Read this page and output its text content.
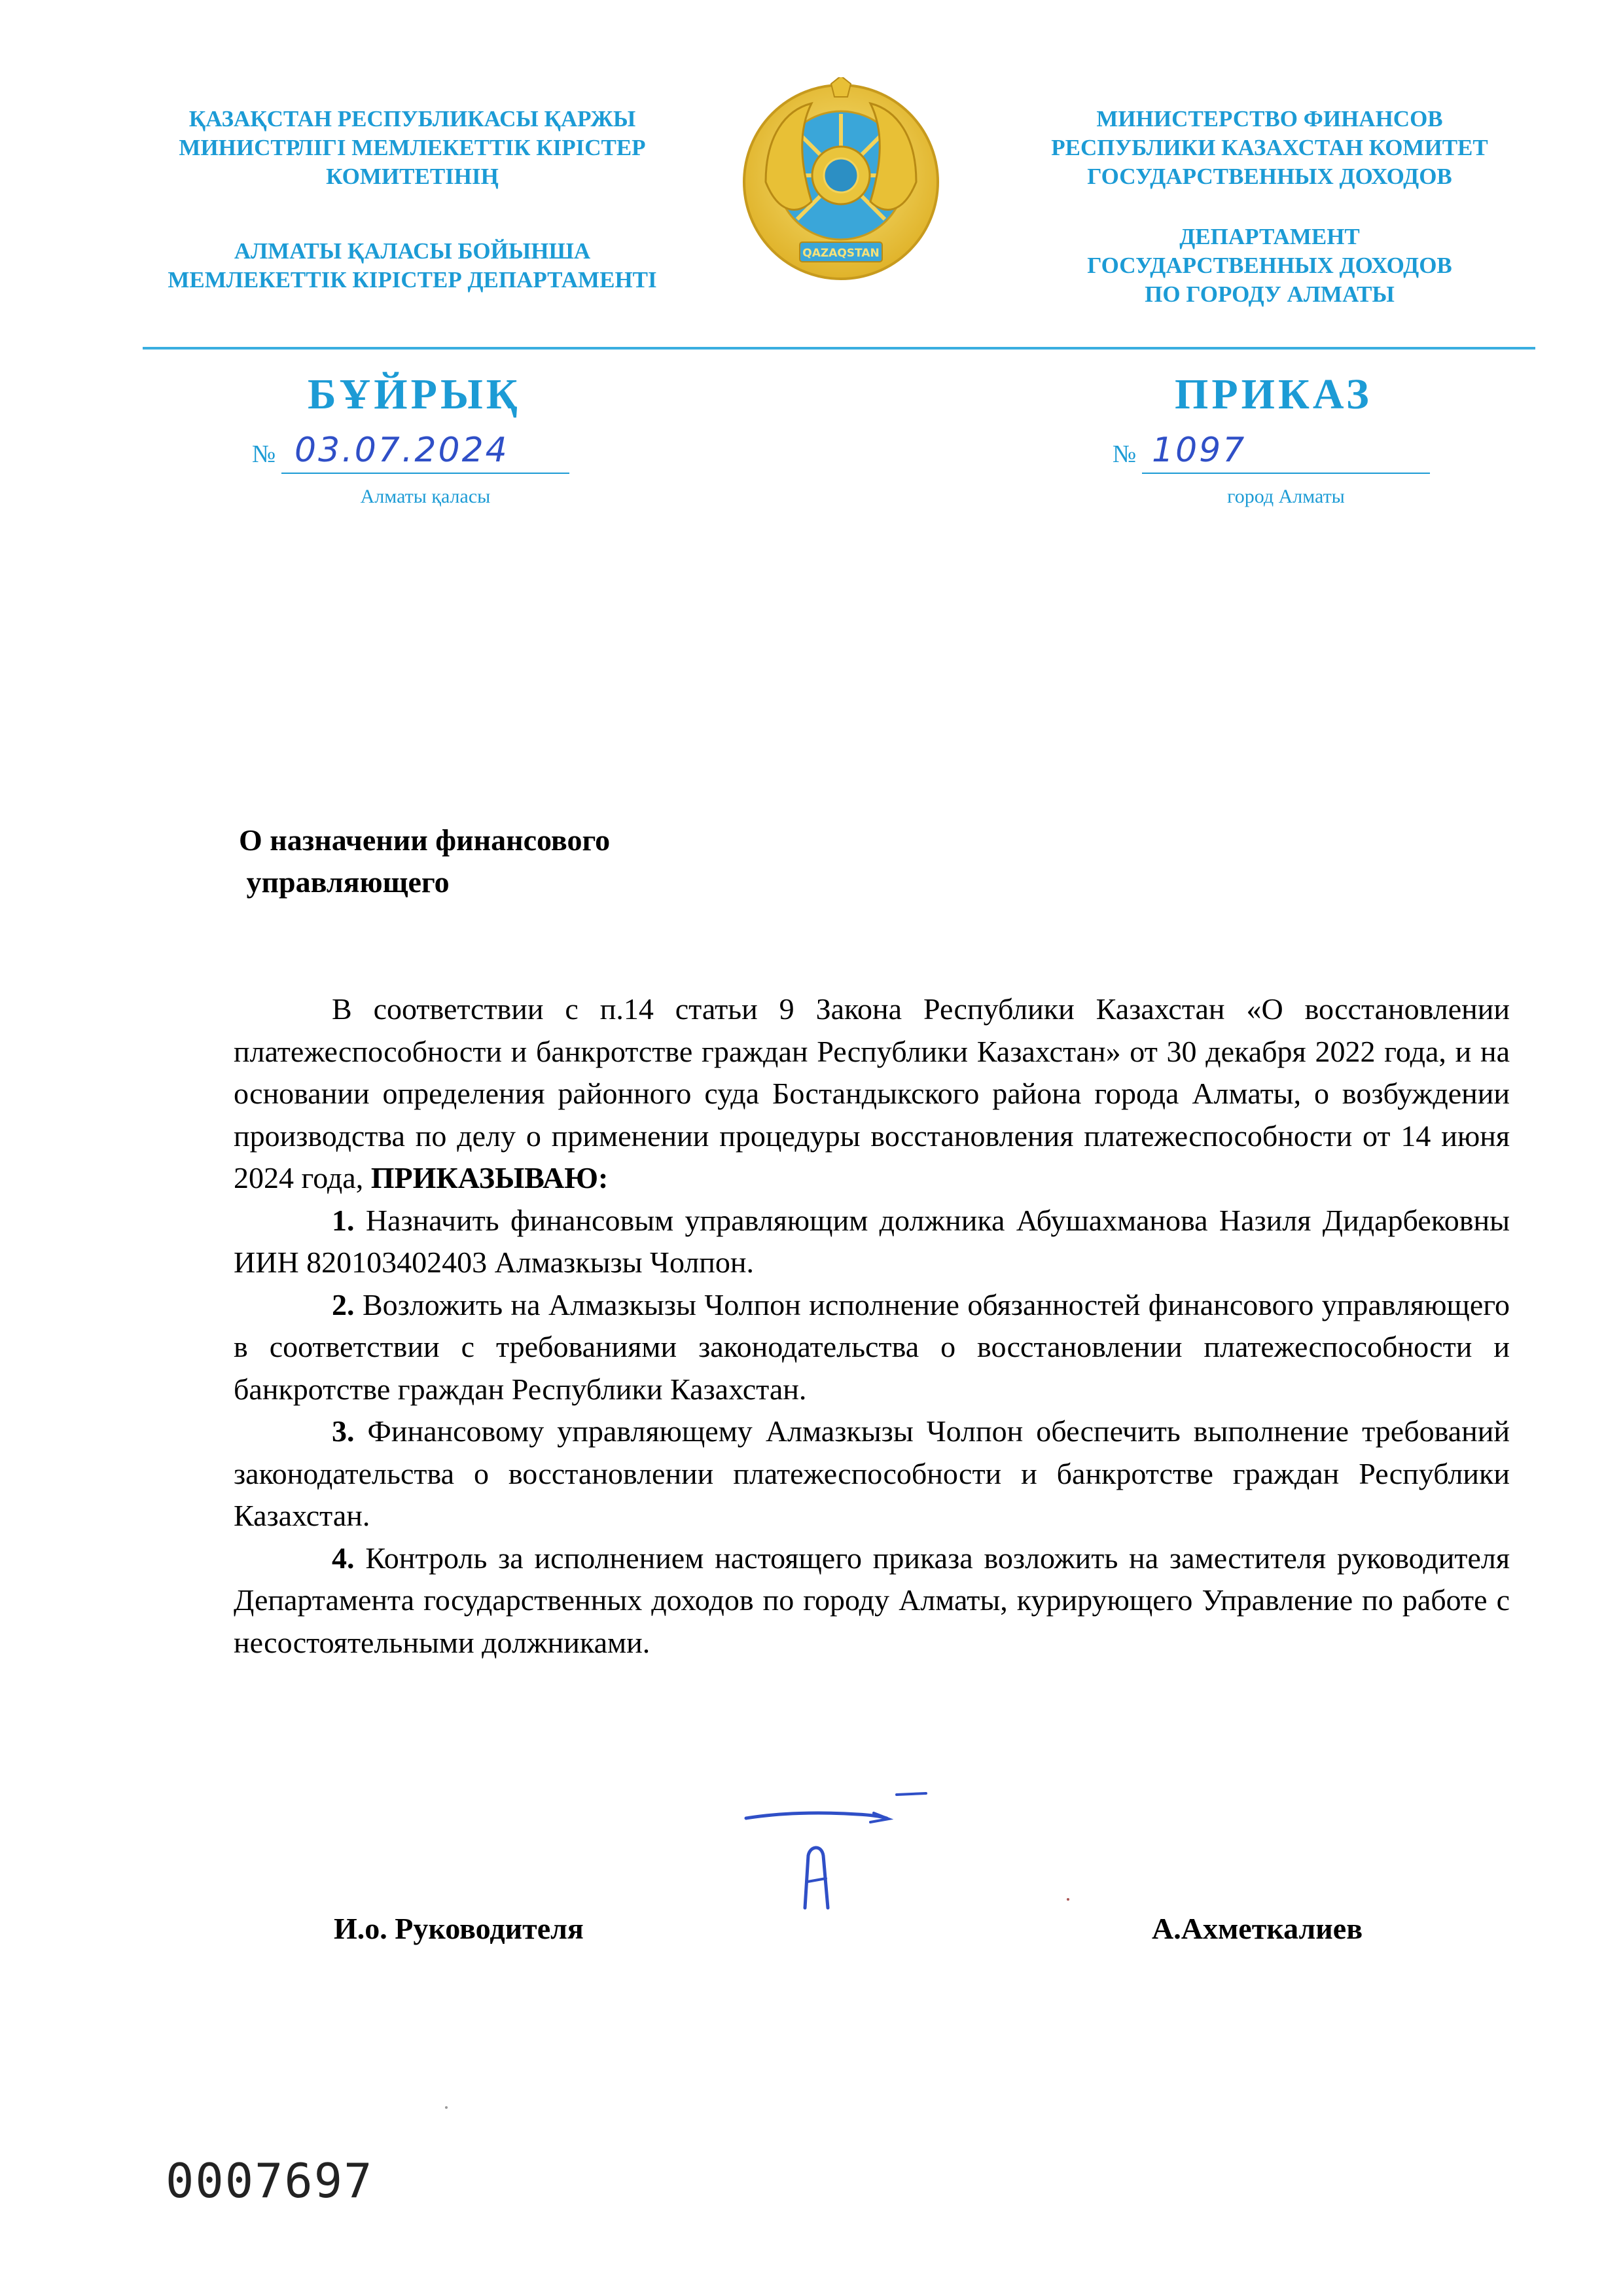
ҚАЗАҚСТАН РЕСПУБЛИКАСЫ ҚАРЖЫ
МИНИСТРЛІГІ МЕМЛЕКЕТТІК КІРІСТЕР
КОМИТЕТІНІҢ
АЛМАТЫ ҚАЛАСЫ БОЙЫНША
МЕМЛЕКЕТТІК КІРІСТЕР ДЕПАРТАМЕНТІ
QAZAQSTAN
МИНИСТЕРСТВО ФИНАНСОВ
РЕСПУБЛИКИ КАЗАХСТАН КОМИТЕТ
ГОСУДАРСТВЕННЫХ ДОХОДОВ
ДЕПАРТАМЕНТ
ГОСУДАРСТВЕННЫХ ДОХОДОВ
ПО ГОРОДУ АЛМАТЫ
БҰЙРЫҚ	ПРИКАЗ
№ 03.07.2024
Алматы қаласы
№ 1097
город Алматы
О назначении финансового
управляющего

В соответствии с п.14 статьи 9 Закона Республики Казахстан «О восстановлении платежеспособности и банкротстве граждан Республики Казахстан» от 30 декабря 2022 года, и на основании определения районного суда Бостандыкского района города Алматы, о возбуждении производства по делу о применении процедуры восстановления платежеспособности от 14 июня 2024 года, ПРИКАЗЫВАЮ:

1. Назначить финансовым управляющим должника Абушахманова Назиля Дидарбековны ИИН 820103402403 Алмазкызы Чолпон.

2. Возложить на Алмазкызы Чолпон исполнение обязанностей финансового управляющего в соответствии с требованиями законодательства о восстановлении платежеспособности и банкротстве граждан Республики Казахстан.

3. Финансовому управляющему Алмазкызы Чолпон обеспечить выполнение требований законодательства о восстановлении платежеспособности и банкротстве граждан Республики Казахстан.

4. Контроль за исполнением настоящего приказа возложить на заместителя руководителя Департамента государственных доходов по городу Алматы, курирующего Управление по работе с несостоятельными должниками.

И.о. Руководителя	А.Ахметкалиев
0007697
